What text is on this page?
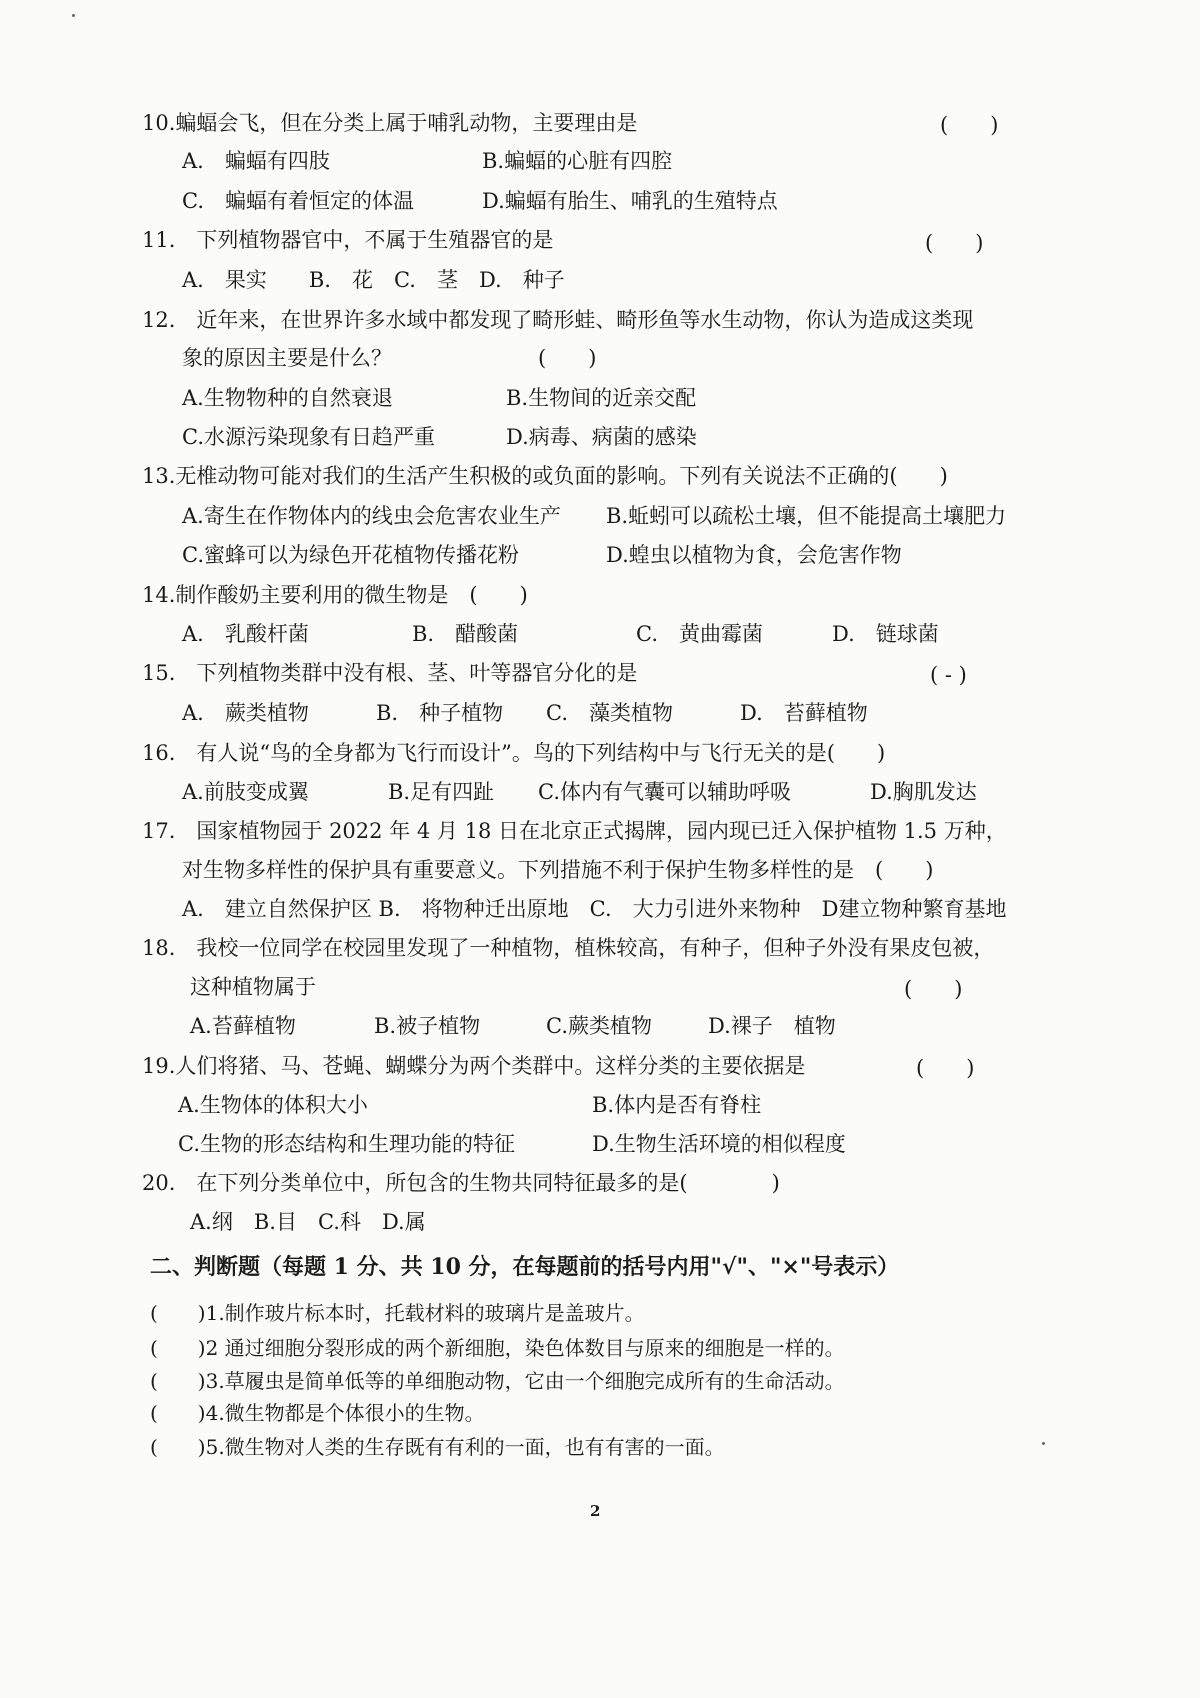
10.蝙蝠会飞，但在分类上属于哺乳动物，主要理由是	(　　)
A.　蝙蝠有四肢	B.蝙蝠的心脏有四腔
C.　蝙蝠有着恒定的体温	D.蝙蝠有胎生、哺乳的生殖特点
11.　下列植物器官中，不属于生殖器官的是	(　　)
A.　果实　　B.　花　C.　茎　D.　种子
12.　近年来，在世界许多水域中都发现了畸形蛙、畸形鱼等水生动物，你认为造成这类现
象的原因主要是什么？	(　　)
A.生物物种的自然衰退	B.生物间的近亲交配
C.水源污染现象有日趋严重	D.病毒、病菌的感染
13.无椎动物可能对我们的生活产生积极的或负面的影响。下列有关说法不正确的(　　)
A.寄生在作物体内的线虫会危害农业生产 B.蚯蚓可以疏松土壤，但不能提高土壤肥力
C.蜜蜂可以为绿色开花植物传播花粉	D.蝗虫以植物为食，会危害作物
14.制作酸奶主要利用的微生物是　(　　)
A.　乳酸杆菌	B.　醋酸菌	C.　黄曲霉菌	D.　链球菌
15.　下列植物类群中没有根、茎、叶等器官分化的是	( - )
A.　蕨类植物	B.　种子植物 C.　藻类植物	D.　苔藓植物
16.　有人说“鸟的全身都为飞行而设计”。鸟的下列结构中与飞行无关的是(　　)
A.前肢变成翼	B.足有四趾 C.体内有气囊可以辅助呼吸	D.胸肌发达
17.　国家植物园于 2022 年 4 月 18 日在北京正式揭牌，园内现已迁入保护植物 1.5 万种，
对生物多样性的保护具有重要意义。下列措施不利于保护生物多样性的是　(　　)
A.　建立自然保护区 B.　将物种迁出原地　C.　大力引进外来物种　D建立物种繁育基地
18.　我校一位同学在校园里发现了一种植物，植株较高，有种子，但种子外没有果皮包被，
这种植物属于	(　　)
A.苔藓植物	B.被子植物	C.蕨类植物	D.裸子　植物
19.人们将猪、马、苍蝇、蝴蝶分为两个类群中。这样分类的主要依据是	(　　)
A.生物体的体积大小	B.体内是否有脊柱
C.生物的形态结构和生理功能的特征	D.生物生活环境的相似程度
20.　在下列分类单位中，所包含的生物共同特征最多的是(　　　　)
A.纲　B.目　C.科　D.属
二、判断题（每题 1 分、共 10 分，在每题前的括号内用"√"、"×"号表示）
(　　)1.制作玻片标本时，托载材料的玻璃片是盖玻片。
(　　)2 通过细胞分裂形成的两个新细胞，染色体数目与原来的细胞是一样的。
(　　)3.草履虫是简单低等的单细胞动物，它由一个细胞完成所有的生命活动。
(　　)4.微生物都是个体很小的生物。
(　　)5.微生物对人类的生存既有有利的一面，也有有害的一面。
2
